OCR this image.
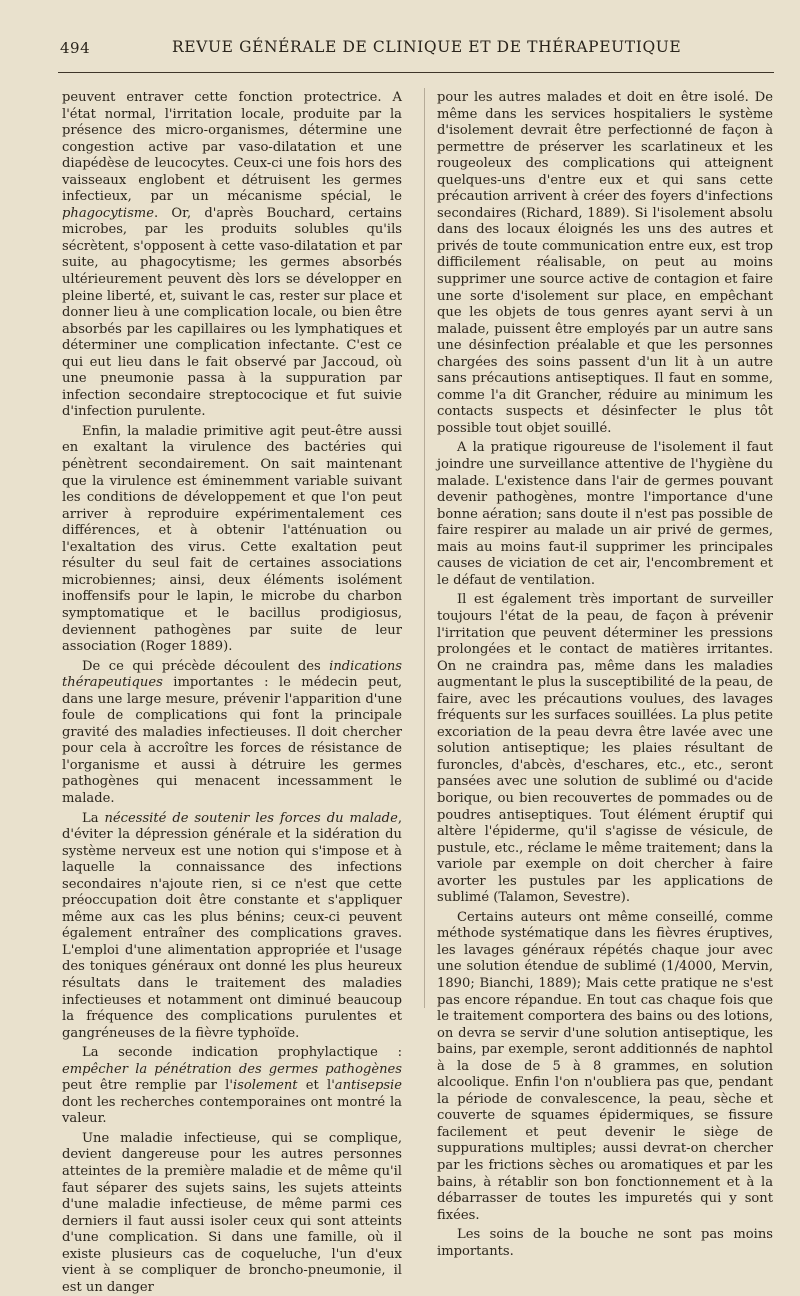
494	REVUE GÉNÉRALE DE CLINIQUE ET DE THÉRAPEUTIQUE

peuvent entraver cette fonction protectrice. A l'état normal, l'irritation locale, produite par la présence des micro-organismes, détermine une congestion active par vaso-dilatation et une diapédèse de leucocytes. Ceux-ci une fois hors des vaisseaux englobent et détruisent les germes infectieux, par un mécanisme spécial, le phagocytisme. Or, d'après Bouchard, certains microbes, par les produits solubles qu'ils sécrètent, s'opposent à cette vaso-dilatation et par suite, au phagocytisme; les germes absorbés ultérieurement peuvent dès lors se développer en pleine liberté, et, suivant le cas, rester sur place et donner lieu à une complication locale, ou bien être absorbés par les capillaires ou les lymphatiques et déterminer une complication infectante. C'est ce qui eut lieu dans le fait observé par Jaccoud, où une pneumonie passa à la suppuration par infection secondaire streptococique et fut suivie d'infection purulente.

Enfin, la maladie primitive agit peut-être aussi en exaltant la virulence des bactéries qui pénètrent secondairement. On sait maintenant que la virulence est éminemment variable suivant les conditions de développement et que l'on peut arriver à reproduire expérimentalement ces différences, et à obtenir l'atténuation ou l'exaltation des virus. Cette exaltation peut résulter du seul fait de certaines associations microbiennes; ainsi, deux éléments isolément inoffensifs pour le lapin, le microbe du charbon symptomatique et le bacillus prodigiosus, deviennent pathogènes par suite de leur association (Roger 1889).

De ce qui précède découlent des indications thérapeutiques importantes : le médecin peut, dans une large mesure, prévenir l'apparition d'une foule de complications qui font la principale gravité des maladies infectieuses. Il doit chercher pour cela à accroître les forces de résistance de l'organisme et aussi à détruire les germes pathogènes qui menacent incessamment le malade.

La nécessité de soutenir les forces du malade, d'éviter la dépression générale et la sidération du système nerveux est une notion qui s'impose et à laquelle la connaissance des infections secondaires n'ajoute rien, si ce n'est que cette préoccupation doit être constante et s'appliquer même aux cas les plus bénins; ceux-ci peuvent également entraîner des complications graves. L'emploi d'une alimentation appropriée et l'usage des toniques généraux ont donné les plus heureux résultats dans le traitement des maladies infectieuses et notamment ont diminué beaucoup la fréquence des complications purulentes et gangréneuses de la fièvre typhoïde.

La seconde indication prophylactique : empêcher la pénétration des germes pathogènes peut être remplie par l'isolement et l'antisepsie dont les recherches contemporaines ont montré la valeur.

Une maladie infectieuse, qui se complique, devient dangereuse pour les autres personnes atteintes de la première maladie et de même qu'il faut séparer des sujets sains, les sujets atteints d'une maladie infectieuse, de même parmi ces derniers il faut aussi isoler ceux qui sont atteints d'une complication. Si dans une famille, où il existe plusieurs cas de coqueluche, l'un d'eux vient à se compliquer de broncho-pneumonie, il est un danger

pour les autres malades et doit en être isolé. De même dans les services hospitaliers le système d'isolement devrait être perfectionné de façon à permettre de préserver les scarlatineux et les rougeoleux des complications qui atteignent quelques-uns d'entre eux et qui sans cette précaution arrivent à créer des foyers d'infections secondaires (Richard, 1889). Si l'isolement absolu dans des locaux éloignés les uns des autres et privés de toute communication entre eux, est trop difficilement réalisable, on peut au moins supprimer une source active de contagion et faire une sorte d'isolement sur place, en empêchant que les objets de tous genres ayant servi à un malade, puissent être employés par un autre sans une désinfection préalable et que les personnes chargées des soins passent d'un lit à un autre sans précautions antiseptiques. Il faut en somme, comme l'a dit Grancher, réduire au minimum les contacts suspects et désinfecter le plus tôt possible tout objet souillé.

A la pratique rigoureuse de l'isolement il faut joindre une surveillance attentive de l'hygiène du malade. L'existence dans l'air de germes pouvant devenir pathogènes, montre l'importance d'une bonne aération; sans doute il n'est pas possible de faire respirer au malade un air privé de germes, mais au moins faut-il supprimer les principales causes de viciation de cet air, l'encombrement et le défaut de ventilation.

Il est également très important de surveiller toujours l'état de la peau, de façon à prévenir l'irritation que peuvent déterminer les pressions prolongées et le contact de matières irritantes. On ne craindra pas, même dans les maladies augmentant le plus la susceptibilité de la peau, de faire, avec les précautions voulues, des lavages fréquents sur les surfaces souillées. La plus petite excoriation de la peau devra être lavée avec une solution antiseptique; les plaies résultant de furoncles, d'abcès, d'eschares, etc., etc., seront pansées avec une solution de sublimé ou d'acide borique, ou bien recouvertes de pommades ou de poudres antiseptiques. Tout élément éruptif qui altère l'épiderme, qu'il s'agisse de vésicule, de pustule, etc., réclame le même traitement; dans la variole par exemple on doit chercher à faire avorter les pustules par les applications de sublimé (Talamon, Sevestre).

Certains auteurs ont même conseillé, comme méthode systématique dans les fièvres éruptives, les lavages généraux répétés chaque jour avec une solution étendue de sublimé (1/4000, Mervin, 1890; Bianchi, 1889); Mais cette pratique ne s'est pas encore répandue. En tout cas chaque fois que le traitement comportera des bains ou des lotions, on devra se servir d'une solution antiseptique, les bains, par exemple, seront additionnés de naphtol à la dose de 5 à 8 grammes, en solution alcoolique. Enfin l'on n'oubliera pas que, pendant la période de convalescence, la peau, sèche et couverte de squames épidermiques, se fissure facilement et peut devenir le siège de suppurations multiples; aussi devrat-on chercher par les frictions sèches ou aromatiques et par les bains, à rétablir son bon fonctionnement et à la débarrasser de toutes les impuretés qui y sont fixées.

Les soins de la bouche ne sont pas moins importants.
